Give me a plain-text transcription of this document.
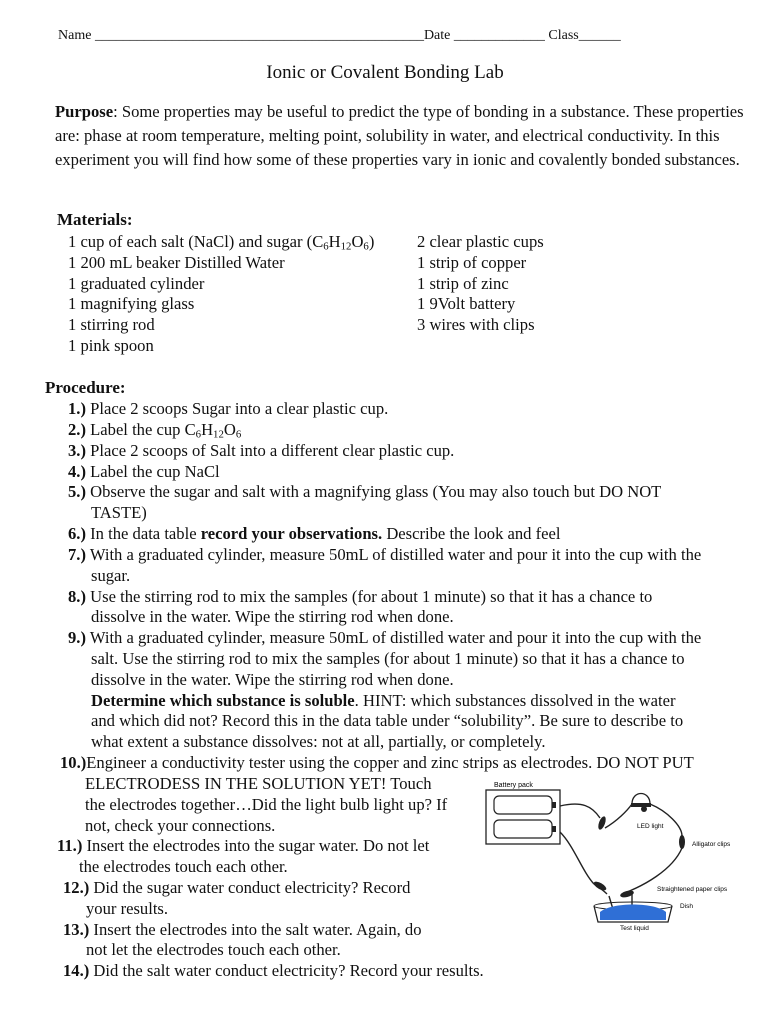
Name _______________________________________________Date _____________ Class______
Ionic or Covalent Bonding Lab
Purpose: Some properties may be useful to predict the type of bonding in a substance. These properties are: phase at room temperature, melting point, solubility in water, and electrical conductivity. In this experiment you will find how some of these properties vary in ionic and covalently bonded substances.
Materials:
1 cup of each salt (NaCl) and sugar $(C_6H_{12}O_6)$
1 200 mL beaker Distilled Water
1 graduated cylinder
1 magnifying glass
1 stirring rod
1 pink spoon
2 clear plastic cups
1 strip of copper
1 strip of zinc
1 9Volt battery
3 wires with clips
Procedure:
1.) Place 2 scoops Sugar into a clear plastic cup.
2.) Label the cup $C_6H_{12}O_6$
3.) Place 2 scoops of Salt into a different clear plastic cup.
4.) Label the cup NaCl
5.) Observe the sugar and salt with a magnifying glass (You may also touch but DO NOT
TASTE)
6.) In the data table record your observations. Describe the look and feel
7.) With a graduated cylinder, measure 50mL of distilled water and pour it into the cup with the
sugar.
8.) Use the stirring rod to mix the samples (for about 1 minute) so that it has a chance to
dissolve in the water. Wipe the stirring rod when done.
9.) With a graduated cylinder, measure 50mL of distilled water and pour it into the cup with the
salt. Use the stirring rod to mix the samples (for about 1 minute) so that it has a chance to
dissolve in the water. Wipe the stirring rod when done.
Determine which substance is soluble. HINT: which substances dissolved in the water
and which did not? Record this in the data table under “solubility”. Be sure to describe to
what extent a substance dissolves: not at all, partially, or completely.
10.)Engineer a conductivity tester using the copper and zinc strips as electrodes. DO NOT PUT
ELECTRODESS IN THE SOLUTION YET! Touch
the electrodes together…Did the light bulb light up? If
not, check your connections.
11.) Insert the electrodes into the sugar water. Do not let
the electrodes touch each other.
12.) Did the sugar water conduct electricity? Record
your results.
13.) Insert the electrodes into the salt water. Again, do
not let the electrodes touch each other.
14.) Did the salt water conduct electricity? Record your results.
Battery pack
LED light
Alligator clips
Straightened paper clips
Dish
Test liquid
